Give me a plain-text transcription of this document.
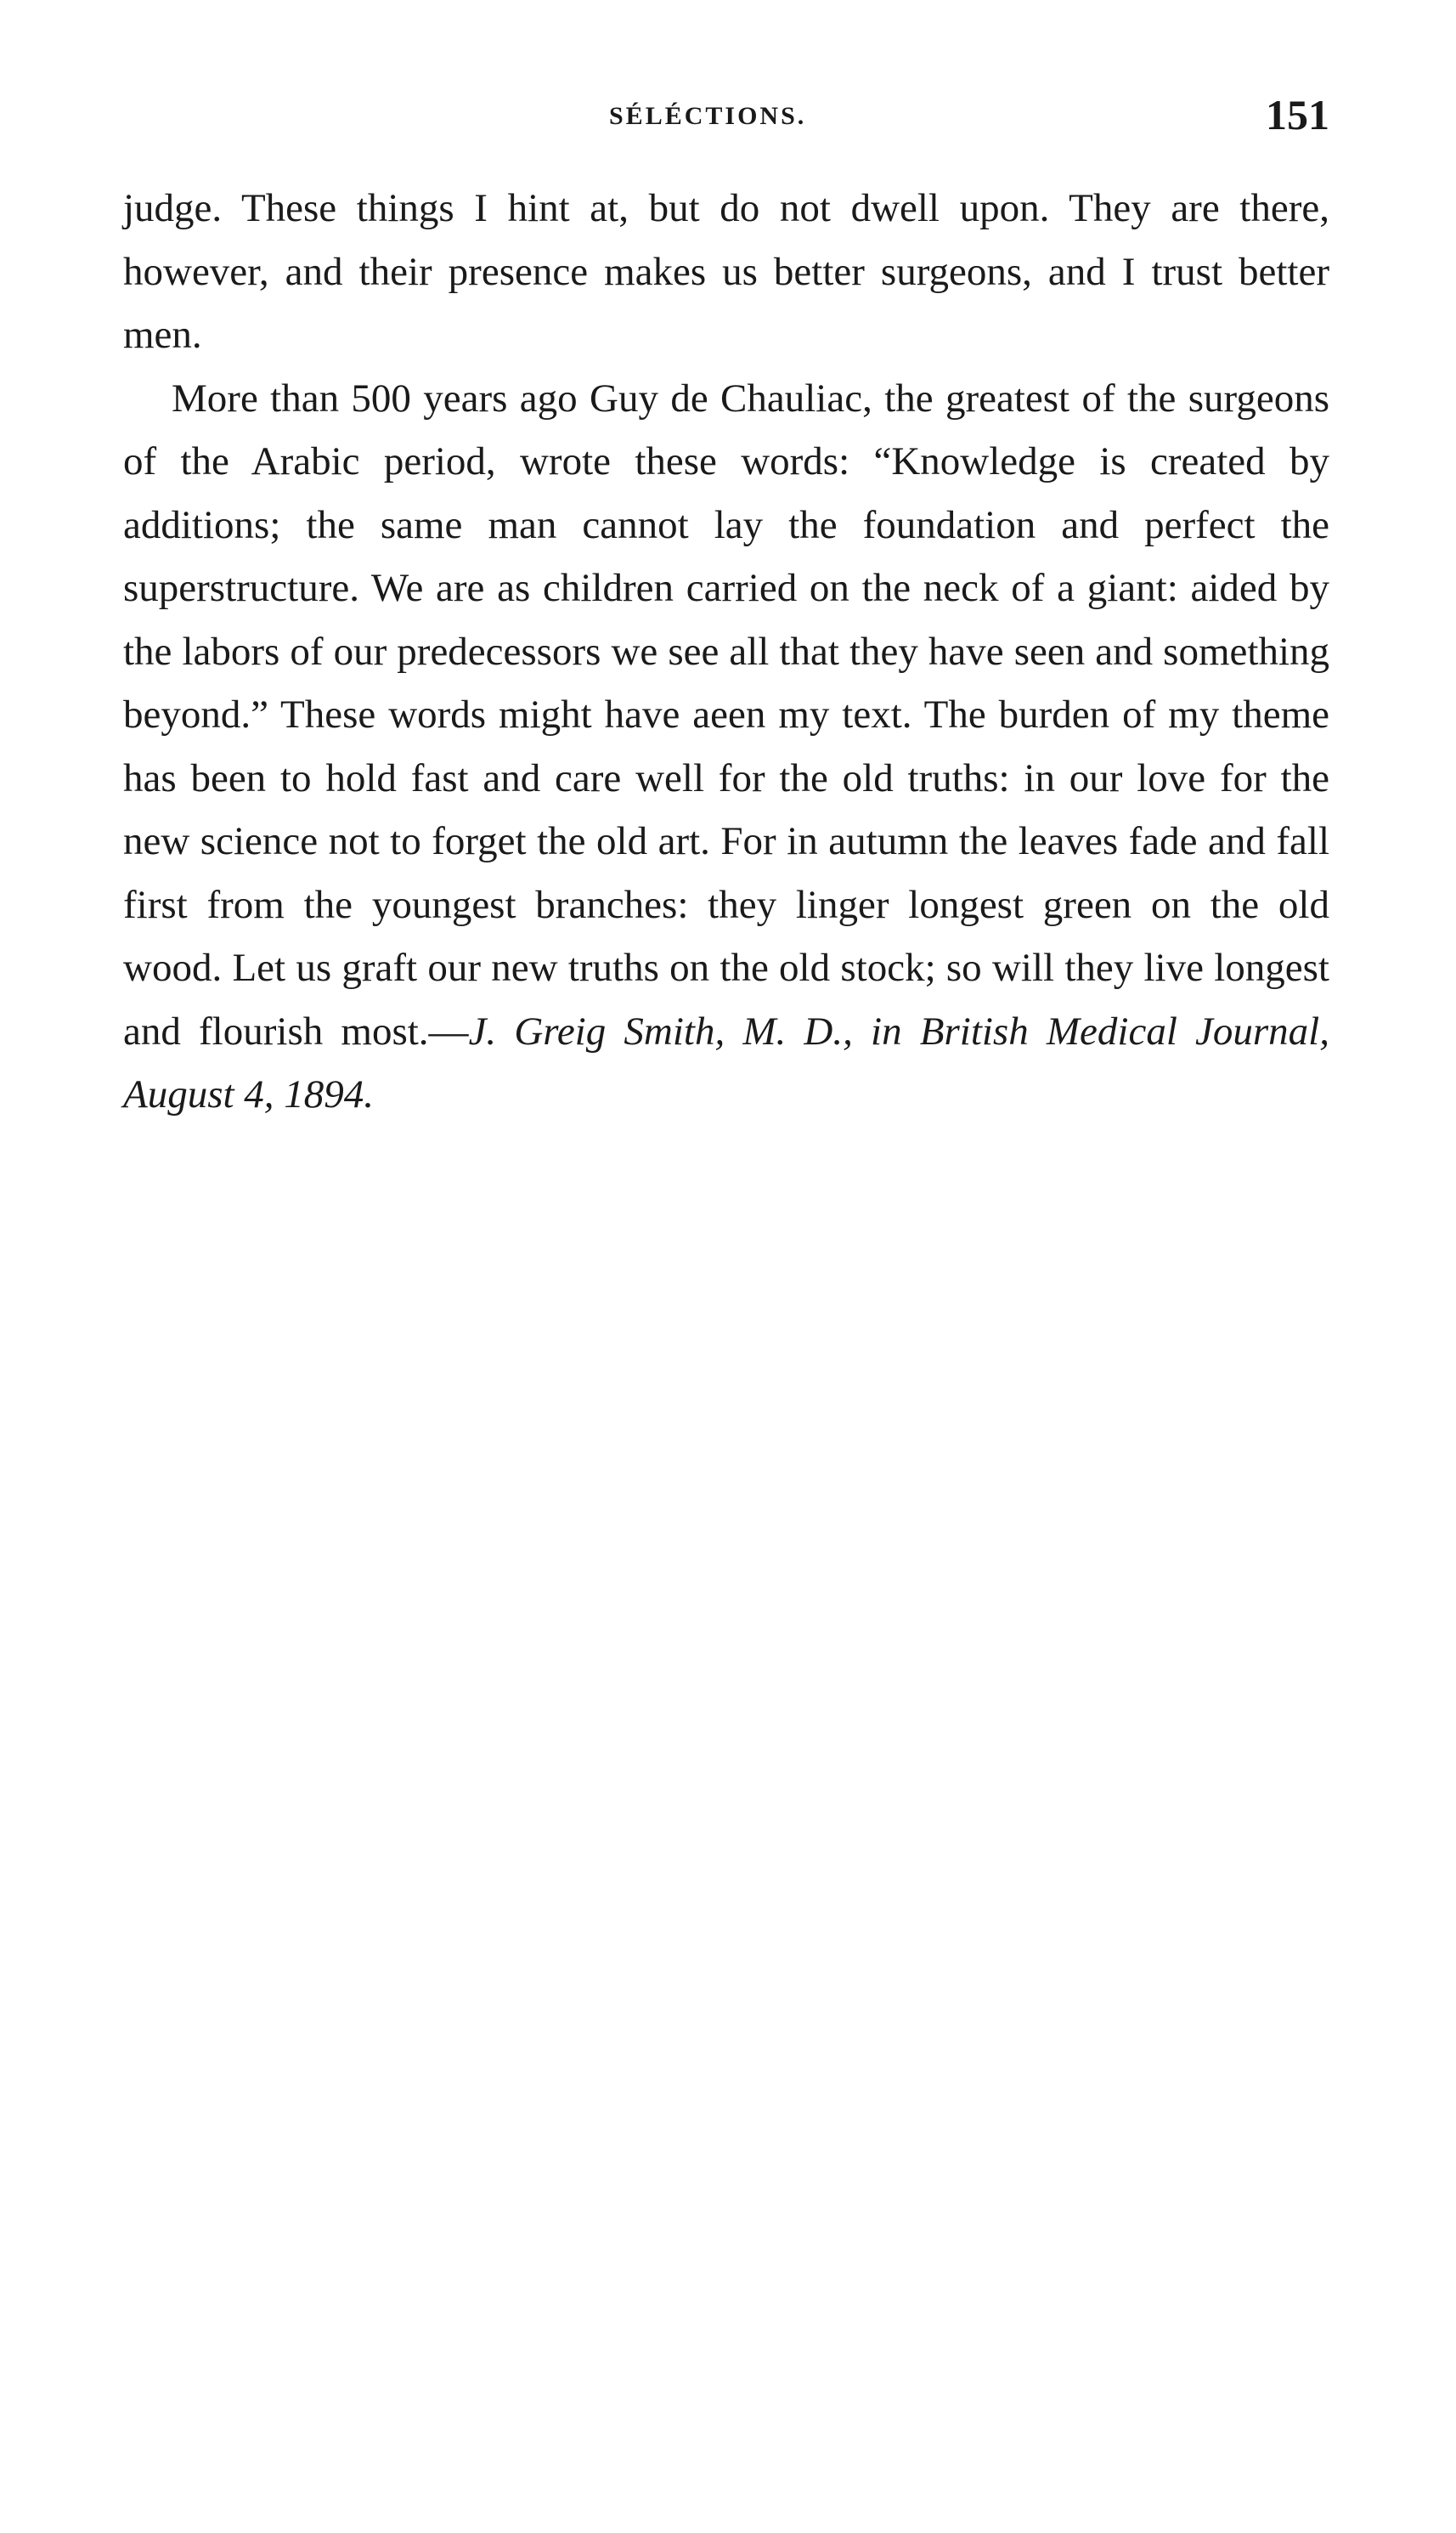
SÉLÉCTIONS.	151

judge. These things I hint at, but do not dwell upon. They are there, however, and their presence makes us better surgeons, and I trust better men.

More than 500 years ago Guy de Chauliac, the greatest of the surgeons of the Arabic period, wrote these words: “Knowledge is created by additions; the same man cannot lay the foundation and perfect the superstructure. We are as children carried on the neck of a giant: aided by the labors of our predecessors we see all that they have seen and something beyond.” These words might have aeen my text. The burden of my theme has been to hold fast and care well for the old truths: in our love for the new science not to forget the old art. For in autumn the leaves fade and fall first from the youngest branches: they linger longest green on the old wood. Let us graft our new truths on the old stock; so will they live longest and flourish most.—J. Greig Smith, M. D., in British Medical Journal, August 4, 1894.
